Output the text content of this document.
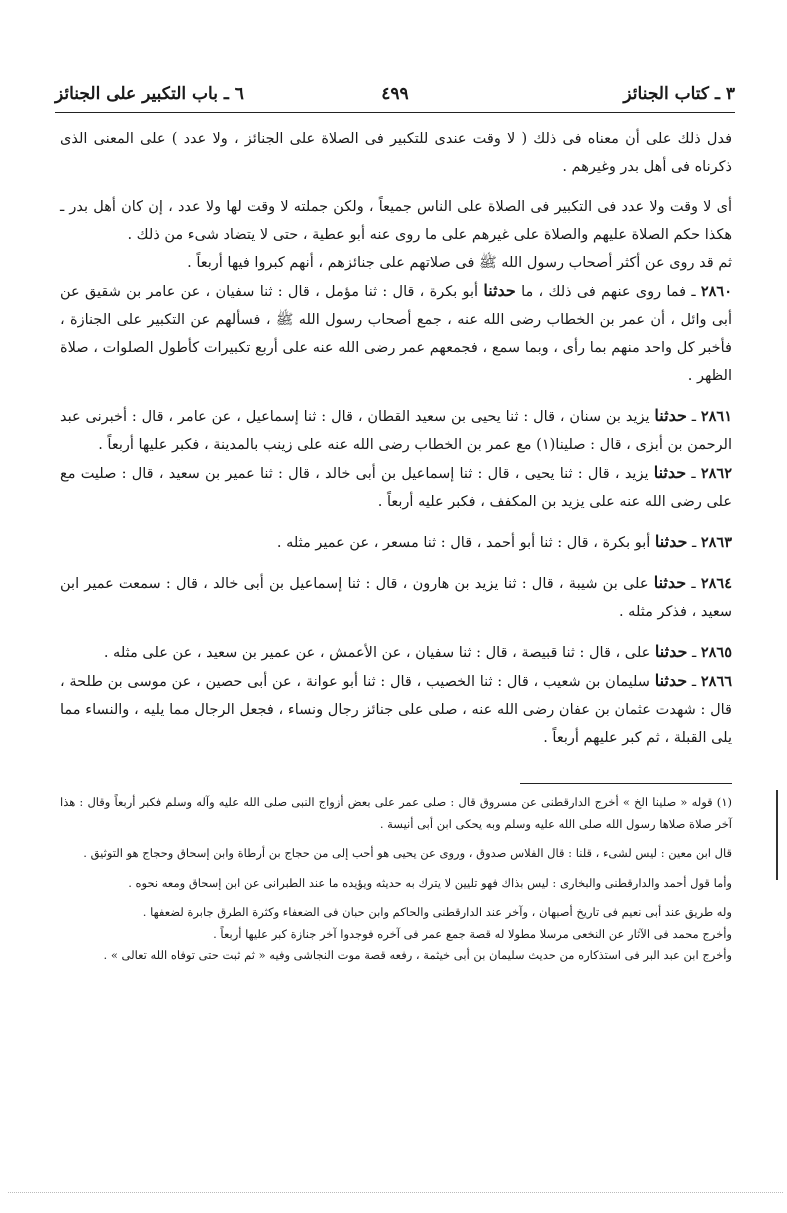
٣ ـ كتاب الجنائز
٤٩٩
٦ ـ باب التكبير على الجنائز

فدل ذلك على أن معناه فى ذلك ( لا وقت عندى للتكبير فى الصلاة على الجنائز ، ولا عدد ) على المعنى الذى ذكرناه فى أهل بدر وغيرهم .

أى لا وقت ولا عدد فى التكبير فى الصلاة على الناس جميعاً ، ولكن جملته لا وقت لها ولا عدد ، إن كان أهل بدر ـ هكذا حكم الصلاة عليهم والصلاة على غيرهم على ما روى عنه أبو عطية ، حتى لا يتضاد شىء من ذلك .

ثم قد روى عن أكثر أصحاب رسول الله ﷺ فى صلاتهم على جنائزهم ، أنهم كبروا فيها أربعاً .

٢٨٦٠ ـ فما روى عنهم فى ذلك ، ما حدثنا أبو بكرة ، قال : ثنا مؤمل ، قال : ثنا سفيان ، عن عامر بن شقيق عن أبى وائل ، أن عمر بن الخطاب رضى الله عنه ، جمع أصحاب رسول الله ﷺ ، فسألهم عن التكبير على الجنازة ، فأخبر كل واحد منهم بما رأى ، وبما سمع ، فجمعهم عمر رضى الله عنه على أربع تكبيرات كأطول الصلوات ، صلاة الظهر .

٢٨٦١ ـ حدثنا يزيد بن سنان ، قال : ثنا يحيى بن سعيد القطان ، قال : ثنا إسماعيل ، عن عامر ، قال : أخبرنى عبد الرحمن بن أبزى ، قال : صلينا(١) مع عمر بن الخطاب رضى الله عنه على زينب بالمدينة ، فكبر عليها أربعاً .

٢٨٦٢ ـ حدثنا يزيد ، قال : ثنا يحيى ، قال : ثنا إسماعيل بن أبى خالد ، قال : ثنا عمير بن سعيد ، قال : صليت مع على رضى الله عنه على يزيد بن المكفف ، فكبر عليه أربعاً .

٢٨٦٣ ـ حدثنا أبو بكرة ، قال : ثنا أبو أحمد ، قال : ثنا مسعر ، عن عمير مثله .

٢٨٦٤ ـ حدثنا على بن شيبة ، قال : ثنا يزيد بن هارون ، قال : ثنا إسماعيل بن أبى خالد ، قال : سمعت عمير ابن سعيد ، فذكر مثله .

٢٨٦٥ ـ حدثنا على ، قال : ثنا قبيصة ، قال : ثنا سفيان ، عن الأعمش ، عن عمير بن سعيد ، عن على مثله .

٢٨٦٦ ـ حدثنا سليمان بن شعيب ، قال : ثنا الخصيب ، قال : ثنا أبو عوانة ، عن أبى حصين ، عن موسى بن طلحة ، قال : شهدت عثمان بن عفان رضى الله عنه ، صلى على جنائز رجال ونساء ، فجعل الرجال مما يليه ، والنساء مما يلى القبلة ، ثم كبر عليهم أربعاً .

(١) قوله « صلينا الخ » أخرج الدارقطنى عن مسروق قال : صلى عمر على بعض أزواج النبى صلى الله عليه وآله وسلم فكبر أربعاً وقال : هذا آخر صلاة صلاها رسول الله صلى الله عليه وسلم وبه يحكى ابن أبى أنيسة .

قال ابن معين : ليس لشىء ، قلنا : قال الفلاس صدوق ، وروى عن يحيى هو أحب إلى من حجاج بن أرطاة وابن إسحاق وحجاج هو التوثيق .

وأما قول أحمد والدارقطنى والبخارى : ليس بذاك فهو تليين لا يترك به حديثه ويؤيده ما عند الطبرانى عن ابن إسحاق ومعه نحوه .

وله طريق عند أبى نعيم فى تاريخ أصبهان ، وآخر عند الدارقطنى والحاكم وابن حبان فى الضعفاء وكثرة الطرق جابرة لضعفها .

وأخرج محمد فى الآثار عن النخعى مرسلا مطولا له قصة جمع عمر فى آخره فوجدوا آخر جنازة كبر عليها أربعاً .

وأخرج ابن عبد البر فى استذكاره من حديث سليمان بن أبى خيثمة ، رفعه قصة موت النجاشى وفيه « ثم ثبت حتى توفاه الله تعالى » .
